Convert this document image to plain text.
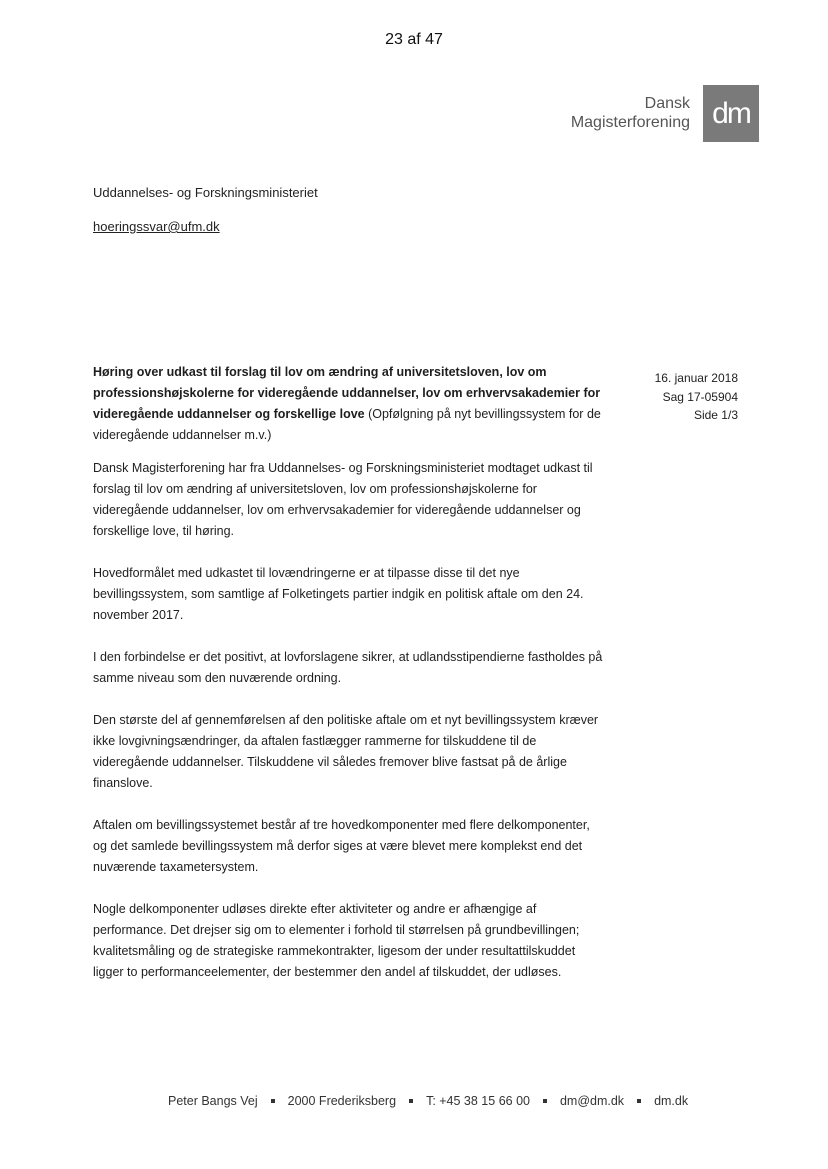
23 af 47
Dansk
Magisterforening dm
Uddannelses- og Forskningsministeriet
hoeringssvar@ufm.dk
16. januar 2018
Sag 17-05904
Side 1/3
Høring over udkast til forslag til lov om ændring af universitetsloven, lov om professionshøjskolerne for videregående uddannelser, lov om erhvervsakademier for videregående uddannelser og forskellige love (Opfølgning på nyt bevillingssystem for de videregående uddannelser m.v.)

Dansk Magisterforening har fra Uddannelses- og Forskningsministeriet modtaget udkast til forslag til lov om ændring af universitetsloven, lov om professionshøjskolerne for videregående uddannelser, lov om erhvervsakademier for videregående uddannelser og forskellige love, til høring.

Hovedformålet med udkastet til lovændringerne er at tilpasse disse til det nye bevillingssystem, som samtlige af Folketingets partier indgik en politisk aftale om den 24. november 2017.

I den forbindelse er det positivt, at lovforslagene sikrer, at udlandsstipendierne fastholdes på samme niveau som den nuværende ordning.

Den største del af gennemførelsen af den politiske aftale om et nyt bevillingssystem kræver ikke lovgivningsændringer, da aftalen fastlægger rammerne for tilskuddene til de videregående uddannelser. Tilskuddene vil således fremover blive fastsat på de årlige finanslove.

Aftalen om bevillingssystemet består af tre hovedkomponenter med flere delkomponenter, og det samlede bevillingssystem må derfor siges at være blevet mere komplekst end det nuværende taxametersystem.

Nogle delkomponenter udløses direkte efter aktiviteter og andre er afhængige af performance. Det drejser sig om to elementer i forhold til størrelsen på grundbevillingen; kvalitetsmåling og de strategiske rammekontrakter, ligesom der under resultattilskuddet ligger to performanceelementer, der bestemmer den andel af tilskuddet, der udløses.

Peter Bangs Vej 2000 Frederiksberg T: +45 38 15 66 00 dm@dm.dk dm.dk
